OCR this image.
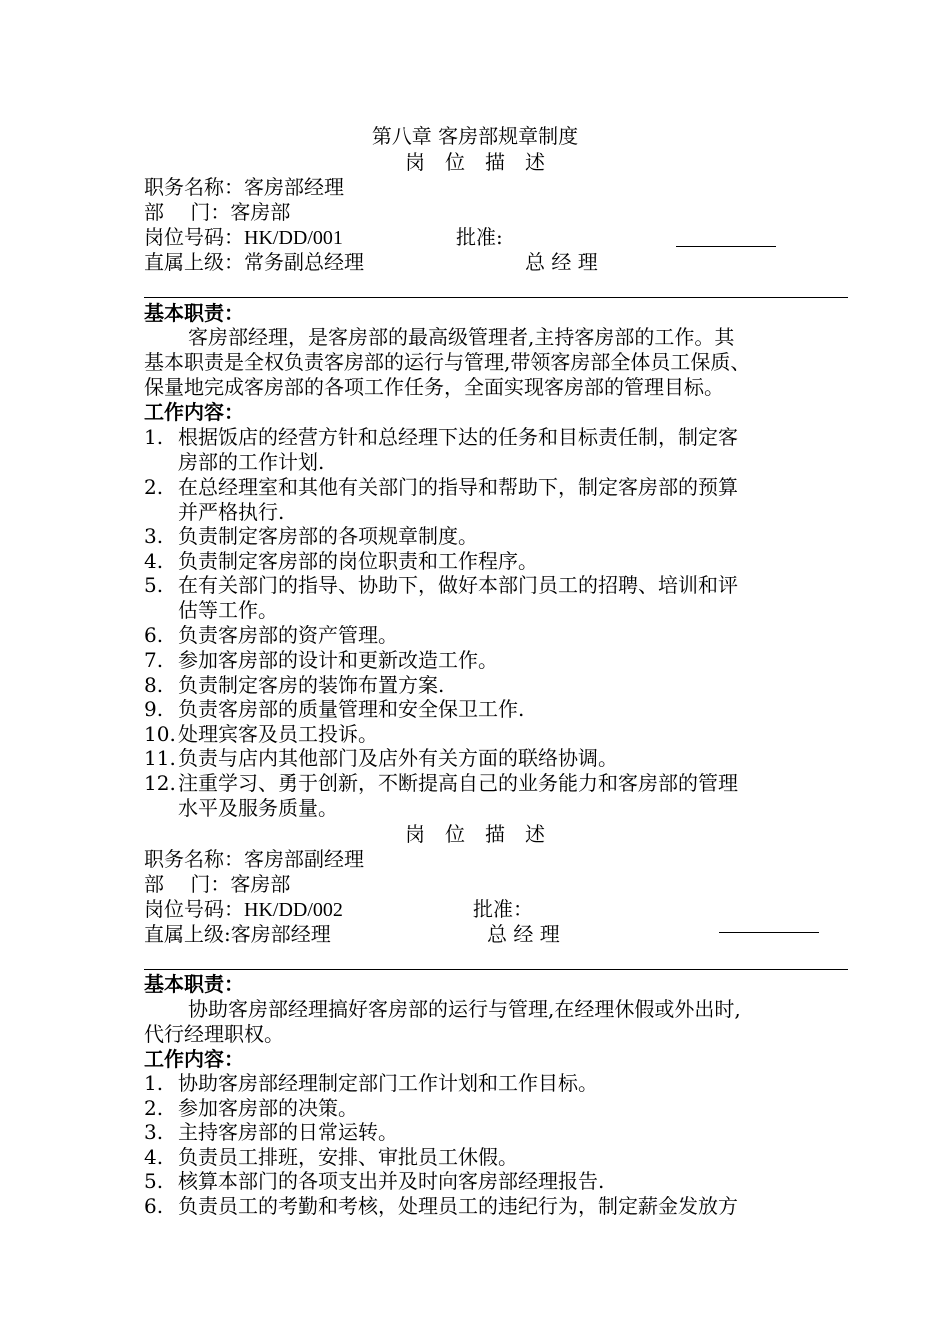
第八章 客房部规章制度
岗　位　描　述
职务名称：客房部经理
部　 门：客房部
岗位号码：HK/DD/001	批准:
直属上级：常务副总经理	总 经 理
基本职责：
客房部经理，是客房部的最高级管理者,主持客房部的工作。其
基本职责是全权负责客房部的运行与管理,带领客房部全体员工保质、
保量地完成客房部的各项工作任务，全面实现客房部的管理目标。
工作内容：
1. 根据饭店的经营方针和总经理下达的任务和目标责任制，制定客
房部的工作计划.
2. 在总经理室和其他有关部门的指导和帮助下，制定客房部的预算
并严格执行.
3. 负责制定客房部的各项规章制度。
4. 负责制定客房部的岗位职责和工作程序。
5. 在有关部门的指导、协助下，做好本部门员工的招聘、培训和评
估等工作。
6. 负责客房部的资产管理。
7. 参加客房部的设计和更新改造工作。
8. 负责制定客房的装饰布置方案.
9. 负责客房部的质量管理和安全保卫工作.
10. 处理宾客及员工投诉。
11. 负责与店内其他部门及店外有关方面的联络协调。
12. 注重学习、勇于创新，不断提高自己的业务能力和客房部的管理
水平及服务质量。
岗　位　描　述
职务名称：客房部副经理
部　 门：客房部
岗位号码：HK/DD/002	批准：
直属上级:客房部经理	总 经 理
基本职责：
协助客房部经理搞好客房部的运行与管理,在经理休假或外出时,
代行经理职权。
工作内容：
1. 协助客房部经理制定部门工作计划和工作目标。
2. 参加客房部的决策。
3. 主持客房部的日常运转。
4. 负责员工排班，安排、审批员工休假。
5. 核算本部门的各项支出并及时向客房部经理报告.
6. 负责员工的考勤和考核，处理员工的违纪行为，制定薪金发放方
